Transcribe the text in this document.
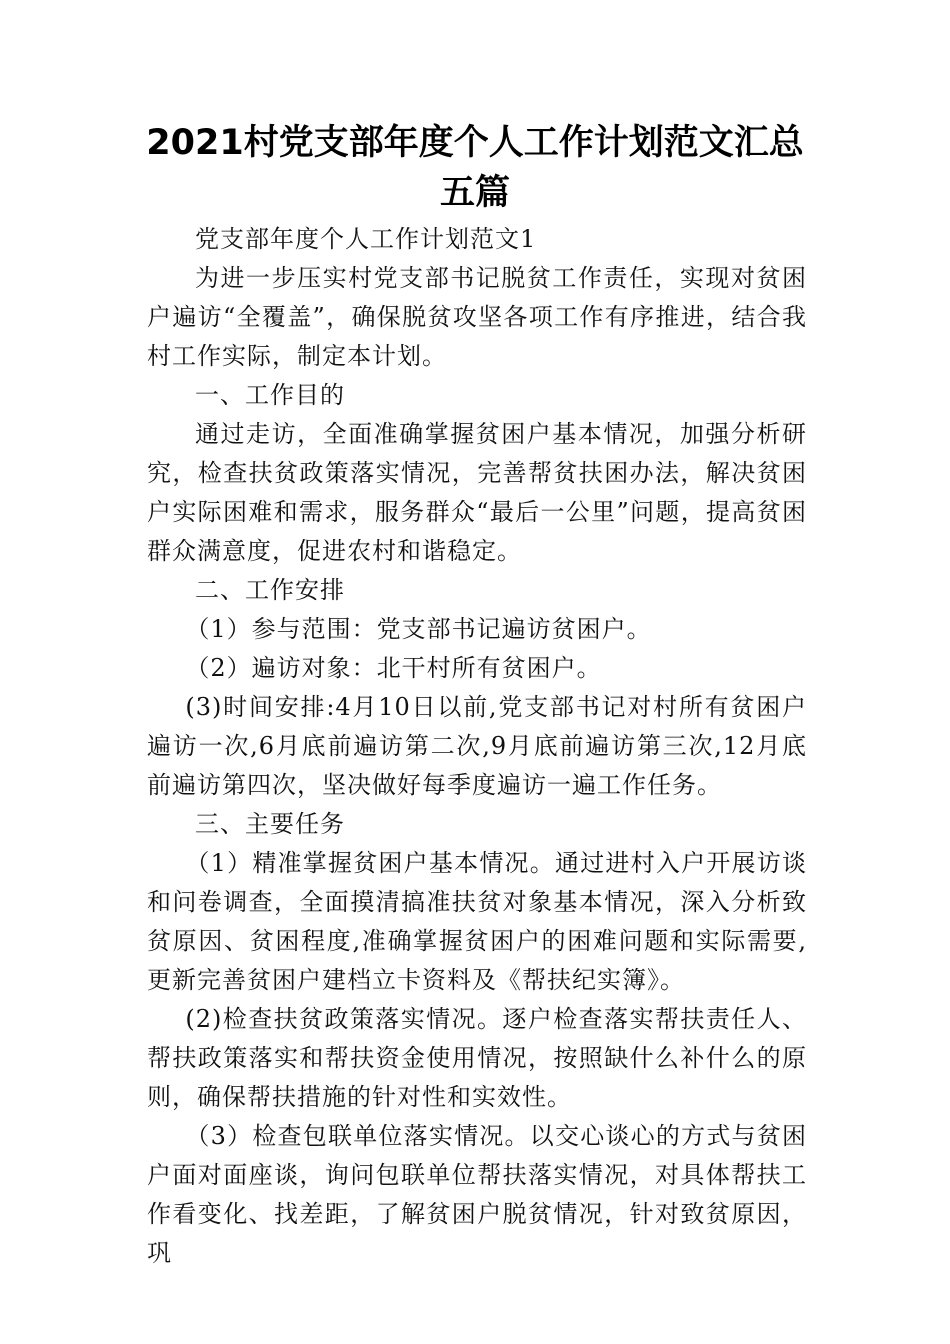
2021村党支部年度个人工作计划范文汇总五篇

党支部年度个人工作计划范文1

为进一步压实村党支部书记脱贫工作责任，实现对贫困户遍访“全覆盖”，确保脱贫攻坚各项工作有序推进，结合我村工作实际，制定本计划。

一、工作目的

通过走访，全面准确掌握贫困户基本情况，加强分析研究，检查扶贫政策落实情况，完善帮贫扶困办法，解决贫困户实际困难和需求，服务群众“最后一公里”问题，提高贫困群众满意度，促进农村和谐稳定。

二、工作安排

（1）参与范围：党支部书记遍访贫困户。

（2）遍访对象：北干村所有贫困户。

(3)时间安排:4月10日以前,党支部书记对村所有贫困户遍访一次,6月底前遍访第二次,9月底前遍访第三次,12月底前遍访第四次，坚决做好每季度遍访一遍工作任务。

三、主要任务

（1）精准掌握贫困户基本情况。通过进村入户开展访谈和问卷调查，全面摸清搞准扶贫对象基本情况，深入分析致贫原因、贫困程度,准确掌握贫困户的困难问题和实际需要,更新完善贫困户建档立卡资料及《帮扶纪实簿》。

(2)检查扶贫政策落实情况。逐户检查落实帮扶责任人、帮扶政策落实和帮扶资金使用情况，按照缺什么补什么的原则，确保帮扶措施的针对性和实效性。

（3）检查包联单位落实情况。以交心谈心的方式与贫困户面对面座谈，询问包联单位帮扶落实情况，对具体帮扶工作看变化、找差距，了解贫困户脱贫情况，针对致贫原因，巩
